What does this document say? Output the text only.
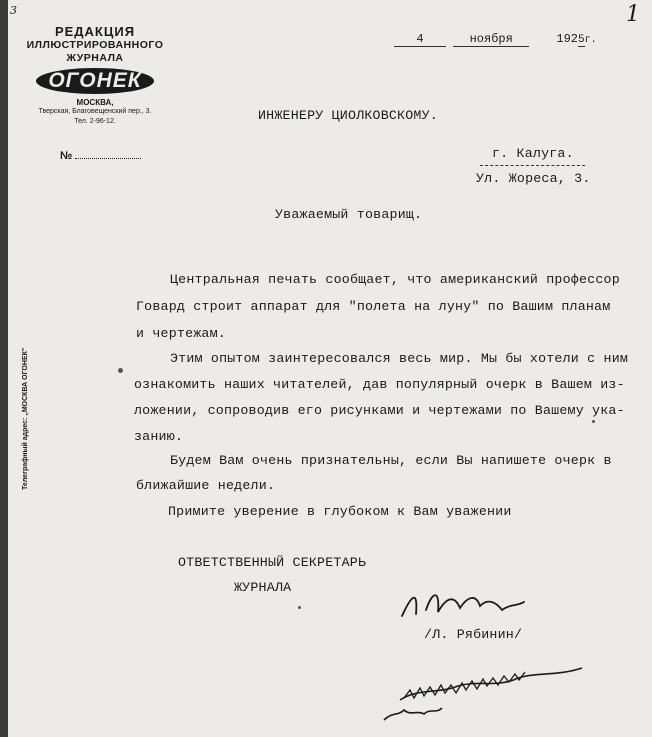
3	1
РЕДАКЦИЯ
ИЛЛЮСТРИРОВАННОГО
ЖУРНАЛА
ОГОНЕК
МОСКВА,
Тверская, Благовещенский пер., 3.
Тел. 2-96-12.
№
Телеграфный адрес: „МОСКВА ОГОНЕК"
4	ноября	1925г.
ИНЖЕНЕРУ ЦИОЛКОВСКОМУ.
г. Калуга.
Ул. Жореса, 3.
Уважаемый товарищ.
Центральная печать сообщает, что американский профессор
Говард строит аппарат для "полета на луну" по Вашим планам
и чертежам.
Этим опытом заинтересовался весь мир. Мы бы хотели с ним
ознакомить наших читателей, дав популярный очерк в Вашем из-
ложении, сопроводив его рисунками и чертежами по Вашему ука-
занию.
Будем Вам очень признательны, если Вы напишете очерк в
ближайшие недели.
Примите уверение в глубоком к Вам уважении
ОТВЕТСТВЕННЫЙ СЕКРЕТАРЬ
ЖУРНАЛА
/Л. Рябинин/
